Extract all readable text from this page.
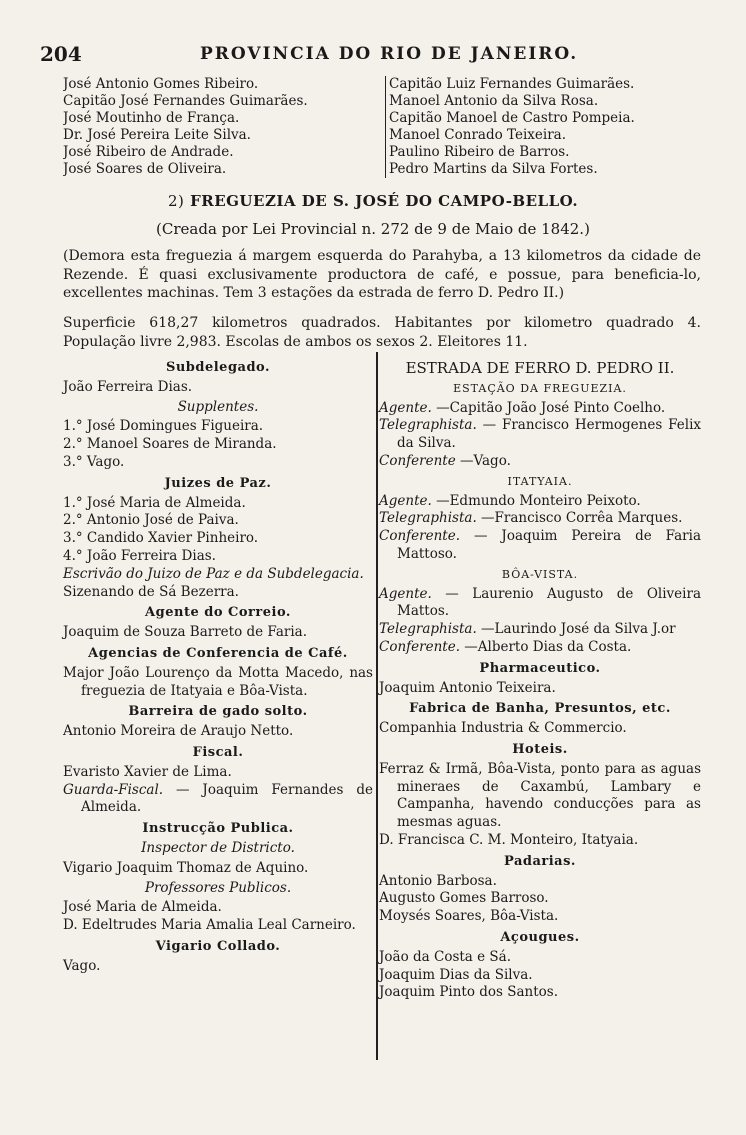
204	PROVINCIA DO RIO DE JANEIRO.
José Antonio Gomes Ribeiro.
Capitão José Fernandes Guimarães.
José Moutinho de França.
Dr. José Pereira Leite Silva.
José Ribeiro de Andrade.
José Soares de Oliveira.
Capitão Luiz Fernandes Guimarães.
Manoel Antonio da Silva Rosa.
Capitão Manoel de Castro Pompeia.
Manoel Conrado Teixeira.
Paulino Ribeiro de Barros.
Pedro Martins da Silva Fortes.
2) FREGUEZIA DE S. JOSÉ DO CAMPO-BELLO.
(Creada por Lei Provincial n. 272 de 9 de Maio de 1842.)
(Demora esta freguezia á margem esquerda do Parahyba, a 13 kilometros da cidade de Rezende. É quasi exclusivamente productora de café, e possue, para beneficia-lo, excellentes machinas. Tem 3 estações da estrada de ferro D. Pedro II.)
Superficie 618,27 kilometros quadrados. Habitantes por kilometro quadrado 4. População livre 2,983. Escolas de ambos os sexos 2. Eleitores 11.
Subdelegado.
João Ferreira Dias.
Supplentes.
1.° José Domingues Figueira.
2.° Manoel Soares de Miranda.
3.° Vago.
Juizes de Paz.
1.° José Maria de Almeida.
2.° Antonio José de Paiva.
3.° Candido Xavier Pinheiro.
4.° João Ferreira Dias.
Escrivão do Juizo de Paz e da Subdelegacia.
Sizenando de Sá Bezerra.
Agente do Correio.
Joaquim de Souza Barreto de Faria.
Agencias de Conferencia de Café.
Major João Lourenço da Motta Macedo, nas freguezia de Itatyaia e Bôa-Vista.
Barreira de gado solto.
Antonio Moreira de Araujo Netto.
Fiscal.
Evaristo Xavier de Lima.
Guarda-Fiscal. — Joaquim Fernandes de Almeida.
Instrucção Publica.
Inspector de Districto.
Vigario Joaquim Thomaz de Aquino.
Professores Publicos.
José Maria de Almeida.
D. Edeltrudes Maria Amalia Leal Carneiro.
Vigario Collado.
Vago.
ESTRADA DE FERRO D. PEDRO II.
ESTAÇÃO DA FREGUEZIA.
Agente. —Capitão João José Pinto Coelho.
Telegraphista. — Francisco Hermogenes Felix da Silva.
Conferente —Vago.
ITATYAIA.
Agente. —Edmundo Monteiro Peixoto.
Telegraphista. —Francisco Corrêa Marques.
Conferente. — Joaquim Pereira de Faria Mattoso.
BÔA-VISTA.
Agente. — Laurenio Augusto de Oliveira Mattos.
Telegraphista. —Laurindo José da Silva J.or
Conferente. —Alberto Dias da Costa.
Pharmaceutico.
Joaquim Antonio Teixeira.
Fabrica de Banha, Presuntos, etc.
Companhia Industria & Commercio.
Hoteis.
Ferraz & Irmã, Bôa-Vista, ponto para as aguas mineraes de Caxambú, Lambary e Campanha, havendo conducções para as mesmas aguas.
D. Francisca C. M. Monteiro, Itatyaia.
Padarias.
Antonio Barbosa.
Augusto Gomes Barroso.
Moysés Soares, Bôa-Vista.
Açougues.
João da Costa e Sá.
Joaquim Dias da Silva.
Joaquim Pinto dos Santos.
